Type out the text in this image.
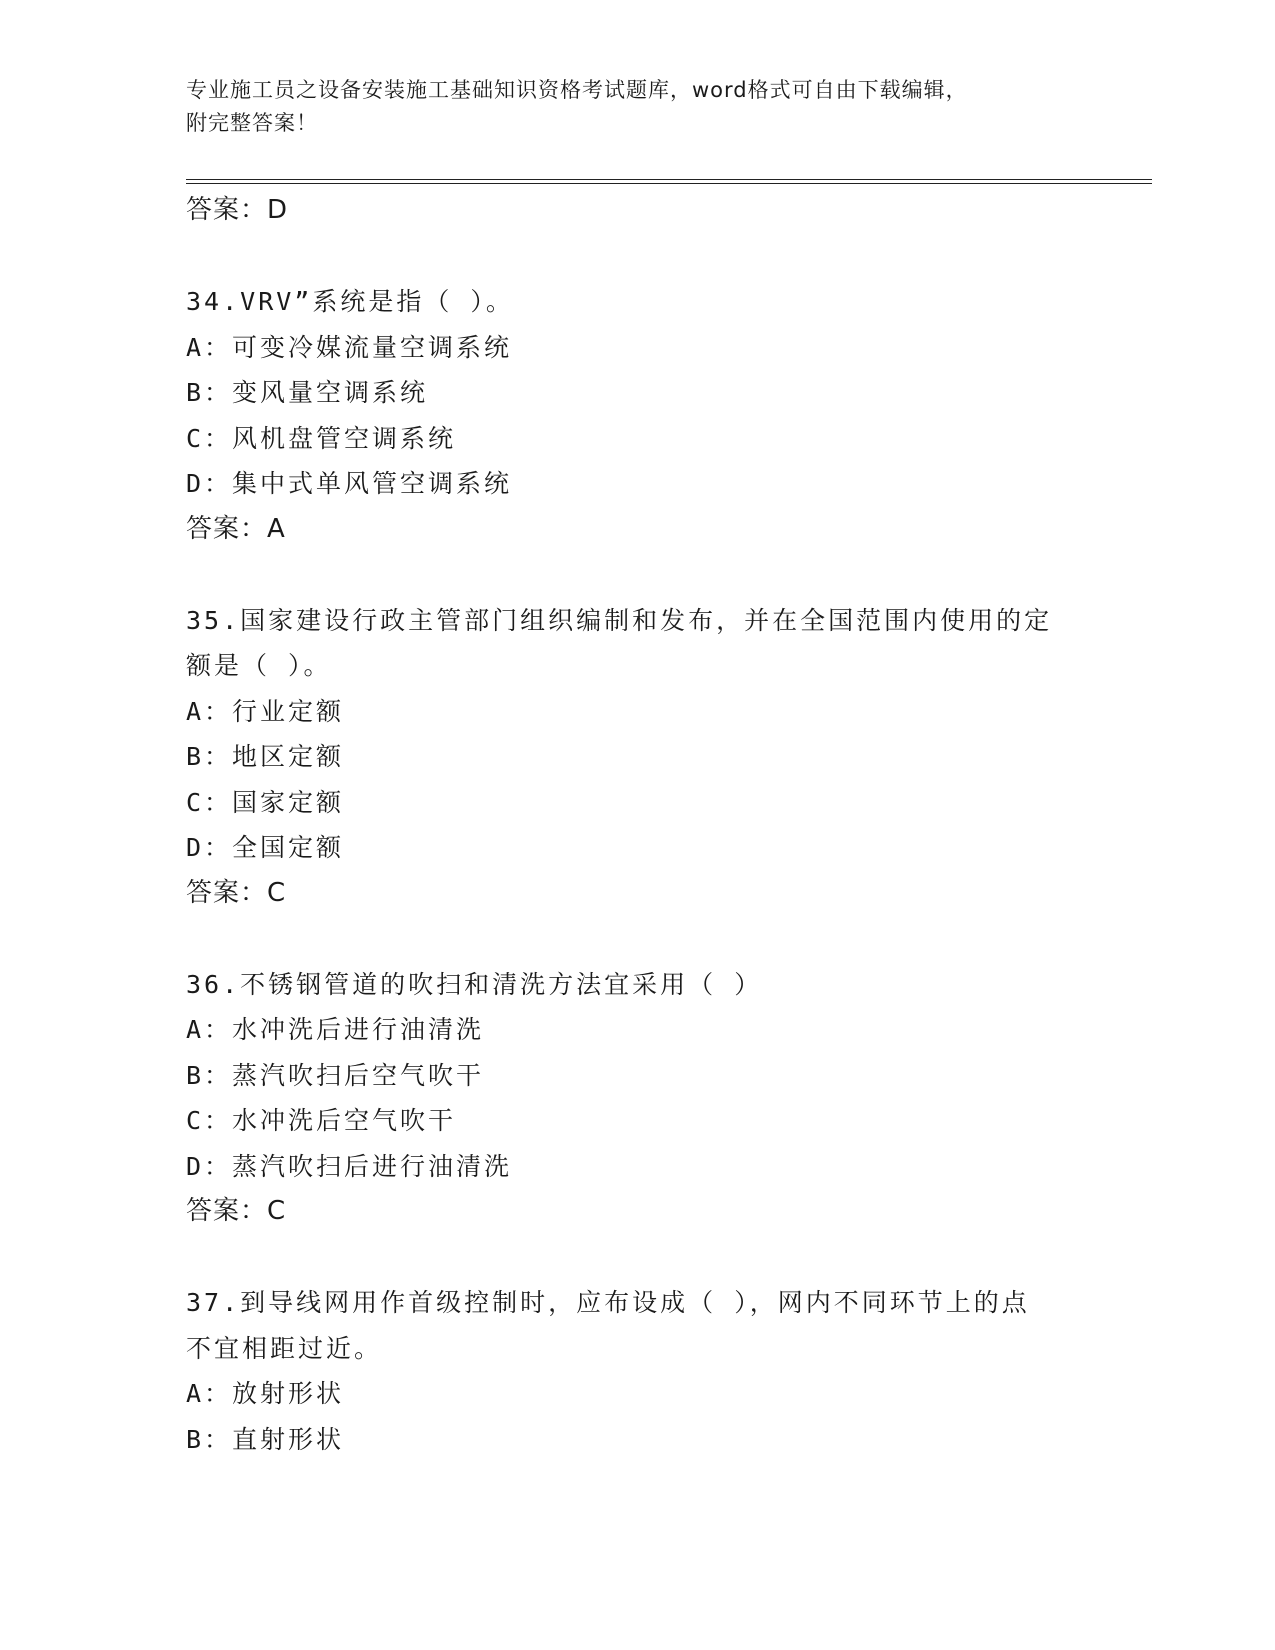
专业施工员之设备安装施工基础知识资格考试题库，word格式可自由下载编辑，
附完整答案！
答案：D
34.VRV”系统是指（ ）。
A：可变冷媒流量空调系统
B：变风量空调系统
C：风机盘管空调系统
D：集中式单风管空调系统
答案：A
35.国家建设行政主管部门组织编制和发布，并在全国范围内使用的定
额是（ ）。
A：行业定额
B：地区定额
C：国家定额
D：全国定额
答案：C
36.不锈钢管道的吹扫和清洗方法宜采用（ ）
A：水冲洗后进行油清洗
B：蒸汽吹扫后空气吹干
C：水冲洗后空气吹干
D：蒸汽吹扫后进行油清洗
答案：C
37.到导线网用作首级控制时，应布设成（ ），网内不同环节上的点
不宜相距过近。
A：放射形状
B：直射形状
